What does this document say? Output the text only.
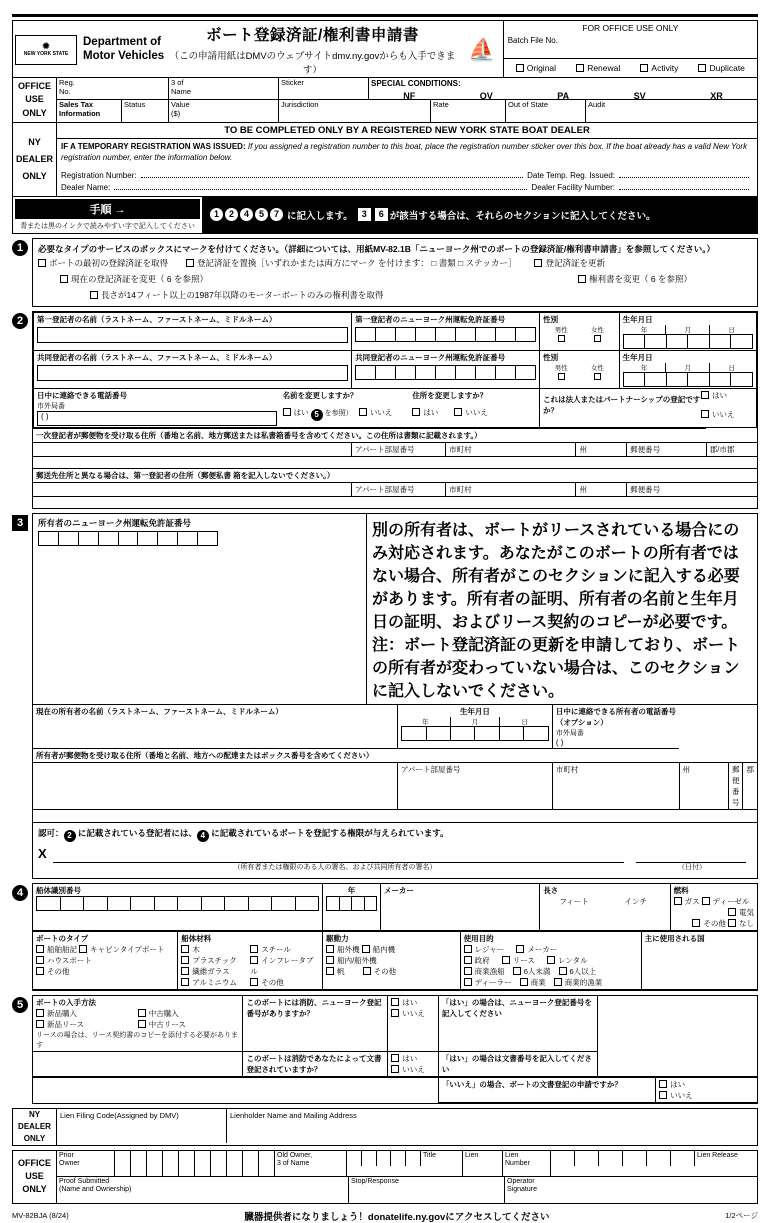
✹
NEW YORK STATE
Department of
Motor Vehicles
ボート登録済証/権利書申請書
（この申請用紙はDMVのウェブサイトdmv.ny.govからも入手できます）
⛵
FOR OFFICE USE ONLY
Batch File No.
Original	Renewal	Activity	Duplicate
OFFICE
USE
ONLY
Reg.
No.
3 of
Name
Sticker	SPECIAL CONDITIONS:
NF	OV	PA	SV	XR
Sales Tax
Information
Status	Value
($)
Jurisdiction	Rate	Out of State	Audit
NY
DEALER
ONLY
TO BE COMPLETED ONLY BY A REGISTERED NEW YORK STATE BOAT DEALER
IF A TEMPORARY REGISTRATION WAS ISSUED: If you assigned a registration number to this boat, place the registration number sticker over this box. If the boat already has a valid New York registration number, enter the information below.
Registration Number:	Date Temp. Reg. Issued:
Dealer Name:	Dealer Facility Number:
手順 →
青または黒のインクで読みやすい字で記入してください
1	2	4	5	7 に記入します。 3	6 が該当する場合は、それらのセクションに記入してください。
1	必要なタイプのサービスのボックスにマークを付けてください。（詳細については、用紙MV-82.1B「ニューヨーク州でのボートの登録済証/権利書申請書」を参照してください。）
ボートの最初の登録済証を取得	登記済証を置換［いずれかまたは両方にマーク を付けます： □ 書類 □ ステッカー］	登記済証を更新
現在の登記済証を変更（ 6 を参照）	権利書を変更（ 6 を参照）
長さが14フィート以上の1987年以降のモーターボートのみの権利書を取得
2	第一登記者の名前（ラストネーム、ファーストネーム、ミドルネーム）	第一登記者のニューヨーク州運転免許証番号	性別
男性	女性

生年月日
年	月	日

共同登記者の名前（ラストネーム、ファーストネーム、ミドルネーム）	共同登記者のニューヨーク州運転免許証番号	性別
男性	女性

生年月日
年	月	日

日中に連絡できる電話番号
市外局番
( )
名前を変更しますか？
はい 5 を参照） いいえ
住所を変更しますか？
はい	いいえ

これは法人またはパートナーシップの登記ですか？
はい
いいえ
一次登記者が郵便物を受け取る住所（番地と名前、地方郵送または私書箱番号を含めてください。この住所は書類に記載されます。）					
	アパート部屋番号	市町村	州	郵便番号	郡/市郡

郵送先住所と異なる場合は、第一登記者の住所（郵便私書 箱を記入しないでください。）					
	アパート部屋番号	市町村	州	郵便番号	

3	所有者のニューヨーク州運転免許証番号	別の所有者は、ボートがリースされている場合にのみ対応されます。あなたがこのボートの所有者ではない場合、所有者がこのセクションに記入する必要があります。所有者の証明、所有者の名前と生年月日の証明、およびリース契約のコピーが必要です。注：ボート登記済証の更新を申請しており、ボートの所有者が変わっていない場合は、このセクションに記入しないでください。
現在の所有者の名前（ラストネーム、ファーストネーム、ミドルネーム）	生年月日
年	月	日

日中に連絡できる所有者の電話番号（オプション）
市外局番
( )

所有者が郵便物を受け取る住所（番地と名前、地方への配達またはボックス番号を含めてください）					
	アパート部屋番号	市町村	州	郵便番号	郡

認可： 2 に記載されている登記者には、 4 に記載されているボートを登記する権限が与えられています。
X
（所有者または権限のある人の署名、および共同所有者の署名）	（日付）
4	船体識別番号	年	メーカー	長さ
フィート	インチ

燃料
ガス ディーゼル
電気
その他 なし
ボートのタイプ
船舶舶記 キャビンタイプボート
ハウスボート
その他

船体材料
木
プラスチック
繊維ガラス
アルミニウム
スチール
インフレータブル
その他

駆動力
船外機 船内機
船内/船外機
帆	その他

使用目的
レジャー	メーカー
政府	リース	レンタル
商業漁船	6人未満	6人以上
ディーラー	商業	商業的漁業

主に使用される国
5	ボートの入手方法
新品購入
新品リース
中古購入
中古リース
リースの場合は、リース契約書のコピーを添付する必要があります

このボートには消防、ニューヨーク登記番号がありますか？

はい
いいえ

「はい」の場合は、ニューヨーク登記番号を記入してください

	このボートは消防であなたによって文書登記されていますか？	はい
いいえ	「はい」の場合は文書番号を記入してください	

「いいえ」の場合、ボートの文書登記の申請ですか？	はい
いいえ
NY
DEALER
ONLY
Lien Filing Code(Assigned by DMV)	Lienholder Name and Mailing Address
OFFICE
USE
ONLY
Prior
Owner
Old Owner,
3 of Name
Title	Lien	Lien
Number
Lien Release
Proof Submitted
(Name and Ownership)
Stop/Response	Operator
Signature
MV-82BJA (8/24)	臓器提供者になりましょう！donatelife.ny.govにアクセスしてください	1/2ページ
